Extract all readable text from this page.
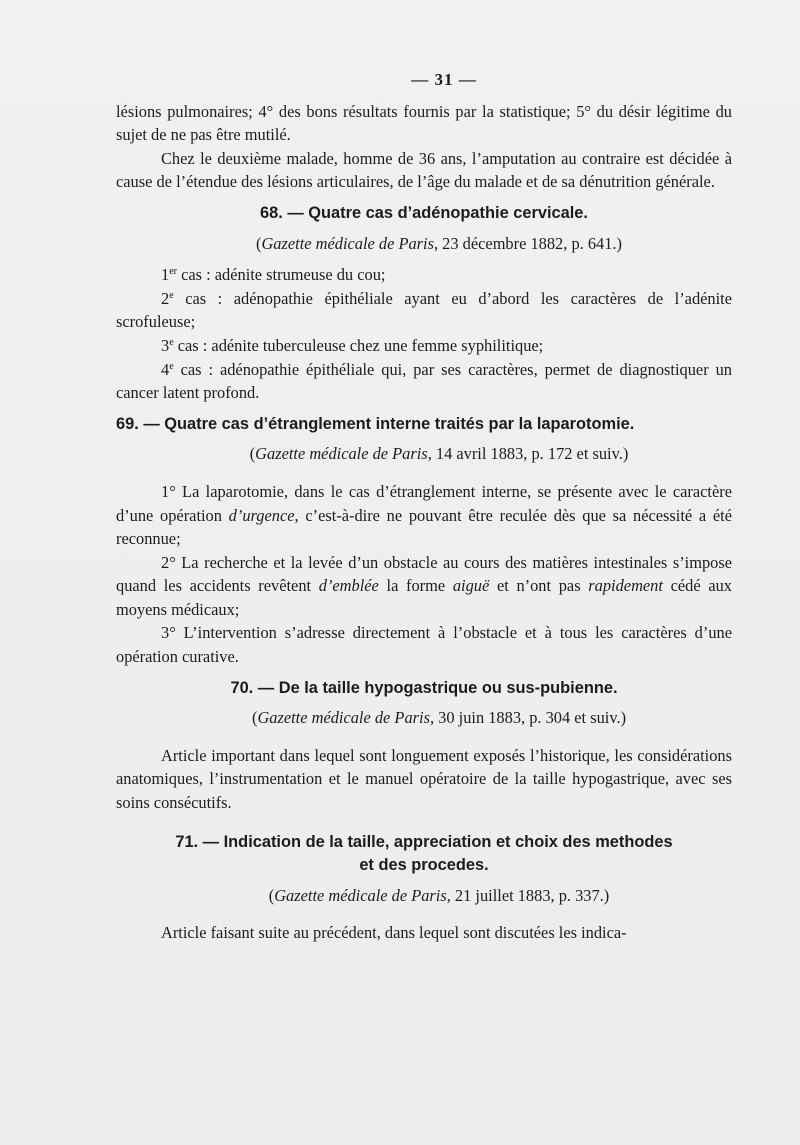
— 31 —

lésions pulmonaires; 4° des bons résultats fournis par la statistique; 5° du désir légitime du sujet de ne pas être mutilé.

Chez le deuxième malade, homme de 36 ans, l’amputation au contraire est décidée à cause de l’étendue des lésions articulaires, de l’âge du malade et de sa dénutrition générale.

68. — Quatre cas d’adénopathie cervicale.
(Gazette médicale de Paris, 23 décembre 1882, p. 641.)

1er cas : adénite strumeuse du cou;

2e cas : adénopathie épithéliale ayant eu d’abord les caractères de l’adénite scrofuleuse;

3e cas : adénite tuberculeuse chez une femme syphilitique;

4e cas : adénopathie épithéliale qui, par ses caractères, permet de diagnostiquer un cancer latent profond.

69. — Quatre cas d’étranglement interne traités par la laparotomie.
(Gazette médicale de Paris, 14 avril 1883, p. 172 et suiv.)

1° La laparotomie, dans le cas d’étranglement interne, se présente avec le caractère d’une opération d’urgence, c’est-à-dire ne pouvant être reculée dès que sa nécessité a été reconnue;

2° La recherche et la levée d’un obstacle au cours des matières intestinales s’impose quand les accidents revêtent d’emblée la forme aiguë et n’ont pas rapidement cédé aux moyens médicaux;

3° L’intervention s’adresse directement à l’obstacle et à tous les caractères d’une opération curative.

70. — De la taille hypogastrique ou sus-pubienne.
(Gazette médicale de Paris, 30 juin 1883, p. 304 et suiv.)

Article important dans lequel sont longuement exposés l’historique, les considérations anatomiques, l’instrumentation et le manuel opératoire de la taille hypogastrique, avec ses soins consécutifs.

71. — Indication de la taille, appreciation et choix des methodes
et des procedes.
(Gazette médicale de Paris, 21 juillet 1883, p. 337.)

Article faisant suite au précédent, dans lequel sont discutées les indica-
